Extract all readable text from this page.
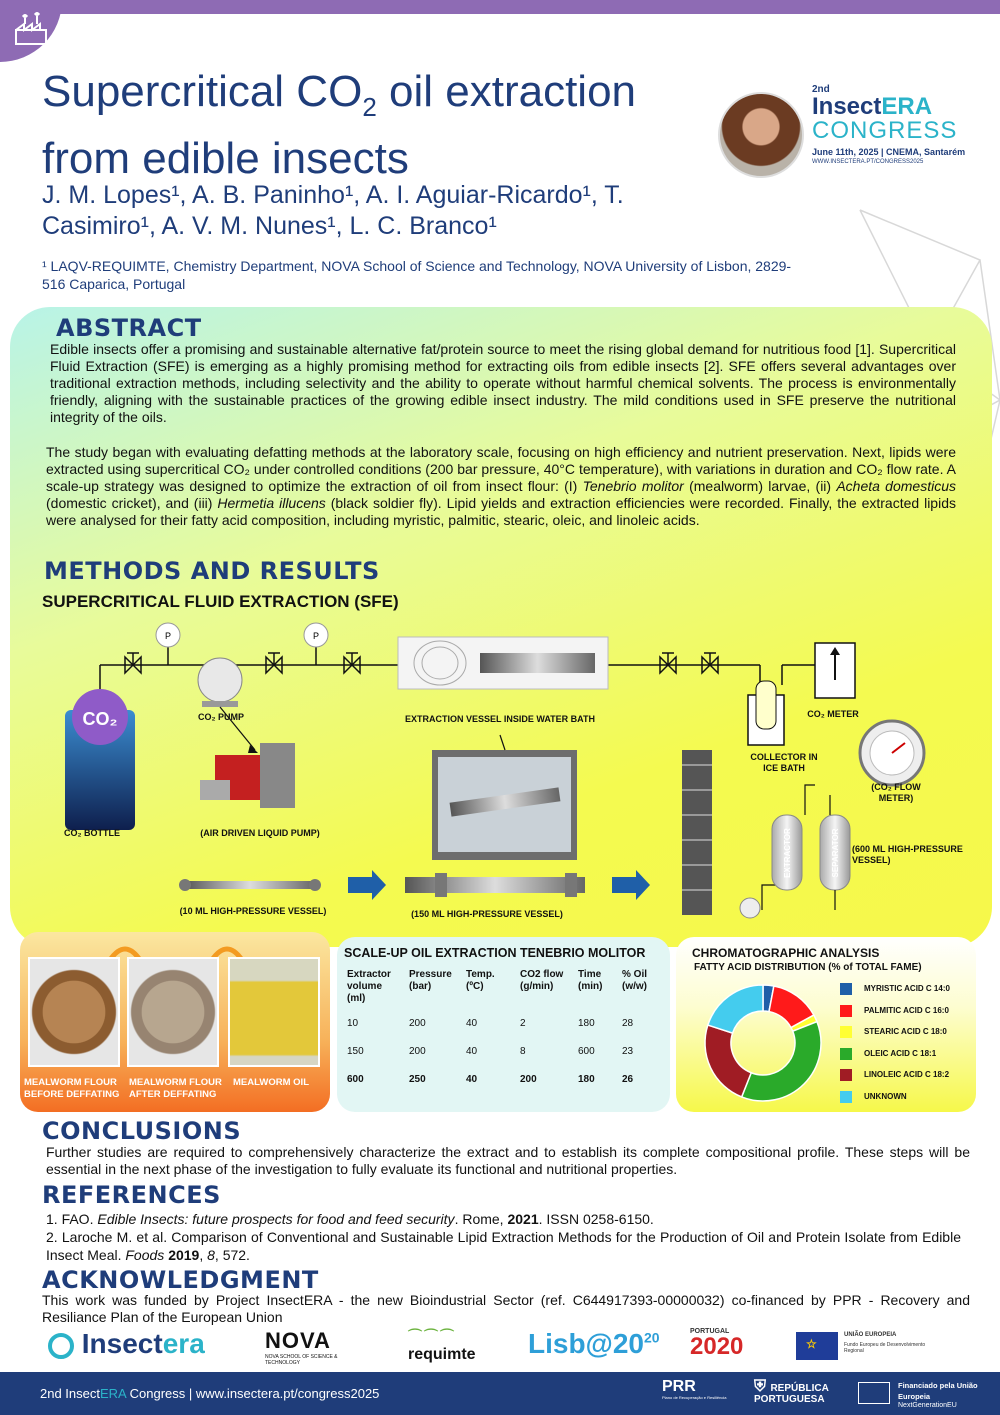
Supercritical $CO_2$ oil extraction
from edible insects
J. M. Lopes¹, A. B. Paninho¹, A. I. Aguiar-Ricardo¹, T. Casimiro¹, A. V. M. Nunes¹, L. C. Branco¹
¹ LAQV-REQUIMTE, Chemistry Department, NOVA School of Science and Technology, NOVA University of Lisbon, 2829-516 Caparica, Portugal
2nd
InsectERA
CONGRESS
June 11th, 2025 | CNEMA, Santarém
WWW.INSECTERA.PT/CONGRESS2025
ABSTRACT
Edible insects offer a promising and sustainable alternative fat/protein source to meet the rising global demand for nutritious food [1]. Supercritical Fluid Extraction (SFE) is emerging as a highly promising method for extracting oils from edible insects [2]. SFE offers several advantages over traditional extraction methods, including selectivity and the ability to operate without harmful chemical solvents. The process is environmentally friendly, aligning with the sustainable practices of the growing edible insect industry. The mild conditions used in SFE preserve the nutritional integrity of the oils.
The study began with evaluating defatting methods at the laboratory scale, focusing on high efficiency and nutrient preservation. Next, lipids were extracted using supercritical CO₂ under controlled conditions (200 bar pressure, 40°C temperature), with variations in duration and CO₂ flow rate. A scale-up strategy was designed to optimize the extraction of oil from insect flour: (I) Tenebrio molitor (mealworm) larvae, (ii) Acheta domesticus (domestic cricket), and (iii) Hermetia illucens (black soldier fly). Lipid yields and extraction efficiencies were recorded. Finally, the extracted lipids were analysed for their fatty acid composition, including myristic, palmitic, stearic, oleic, and linoleic acids.
METHODS AND RESULTS
SUPERCRITICAL FLUID EXTRACTION (SFE)
CO₂
P	P
EXTRACTOR	SEPARATOR
CO₂ PUMP	EXTRACTION VESSEL INSIDE WATER BATH
COLLECTOR IN ICE BATH
CO₂ METER
(CO₂ FLOW METER)
CO₂ BOTTLE	(AIR DRIVEN LIQUID PUMP)
(600 ML HIGH-PRESSURE VESSEL)
(10 ML HIGH-PRESSURE VESSEL)	(150 ML HIGH-PRESSURE VESSEL)
MEALWORM FLOUR BEFORE DEFFATING
MEALWORM FLOUR AFTER DEFFATING
MEALWORM OIL
SCALE-UP OIL EXTRACTION TENEBRIO MOLITOR
Extractor volume (ml)	Pressure (bar)	Temp. (ºC)	CO2 flow (g/min)	Time (min)	% Oil (w/w)
10	200	40	2	180	28
150	200	40	8	600	23
600	250	40	200	180	26
CHROMATOGRAPHIC ANALYSIS
FATTY ACID DISTRIBUTION (% of TOTAL FAME)
MYRISTIC ACID C 14:0
PALMITIC ACID C 16:0
STEARIC ACID C 18:0
OLEIC ACID C 18:1
LINOLEIC ACID C 18:2
UNKNOWN
CONCLUSIONS
Further studies are required to comprehensively characterize the extract and to establish its complete compositional profile. These steps will be essential in the next phase of the investigation to fully evaluate its functional and nutritional properties.
REFERENCES
1. FAO. Edible Insects: future prospects for food and feed security. Rome, 2021. ISSN 0258-6150.
2. Laroche M. et al. Comparison of Conventional and Sustainable Lipid Extraction Methods for the Production of Oil and Protein Isolate from Edible Insect Meal. Foods 2019, 8, 572.
ACKNOWLEDGMENT
This work was funded by Project InsectERA - the new Bioindustrial Sector (ref. C644917393-00000032) co-financed by PPR - Recovery and Resiliance Plan of the European Union
Insectera	NOVA
NOVA SCHOOL OF SCIENCE & TECHNOLOGY
⌒⌒⌒
requimte $Lisb@20^{20}$	PORTUGAL
2020	☆
UNIÃO EUROPEIA
Fundo Europeu de Desenvolvimento Regional
2nd InsectERA Congress | www.insectera.pt/congress2025	PRR
Plano de Recuperação e Resiliência
⛨ REPÚBLICA PORTUGUESA
Financiado pela União Europeia
NextGenerationEU
